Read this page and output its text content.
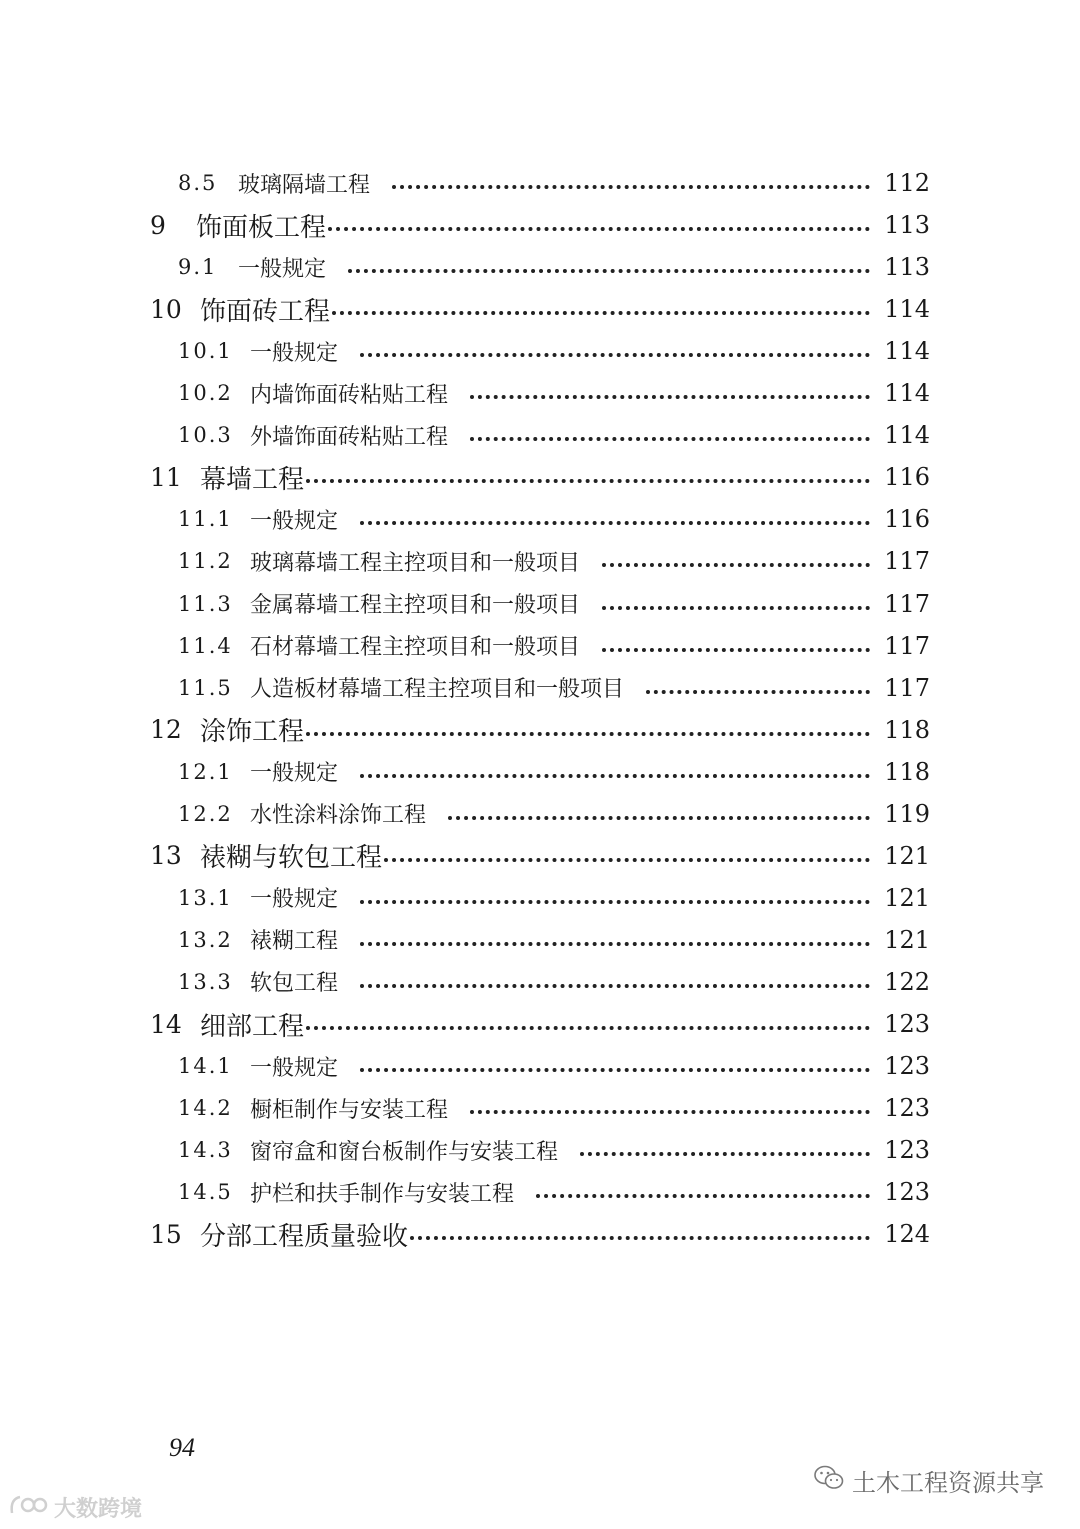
8.5 玻璃隔墙工程	112
9 饰面板工程	113
9.1 一般规定	113
10 饰面砖工程	114
10.1 一般规定	114
10.2 内墙饰面砖粘贴工程	114
10.3 外墙饰面砖粘贴工程	114
11 幕墙工程	116
11.1 一般规定	116
11.2 玻璃幕墙工程主控项目和一般项目	117
11.3 金属幕墙工程主控项目和一般项目	117
11.4 石材幕墙工程主控项目和一般项目	117
11.5 人造板材幕墙工程主控项目和一般项目	117
12 涂饰工程	118
12.1 一般规定	118
12.2 水性涂料涂饰工程	119
13 裱糊与软包工程	121
13.1 一般规定	121
13.2 裱糊工程	121
13.3 软包工程	122
14 细部工程	123
14.1 一般规定	123
14.2 橱柜制作与安装工程	123
14.3 窗帘盒和窗台板制作与安装工程	123
14.5 护栏和扶手制作与安装工程	123
15 分部工程质量验收	124
94
土木工程资源共享
大数跨境
